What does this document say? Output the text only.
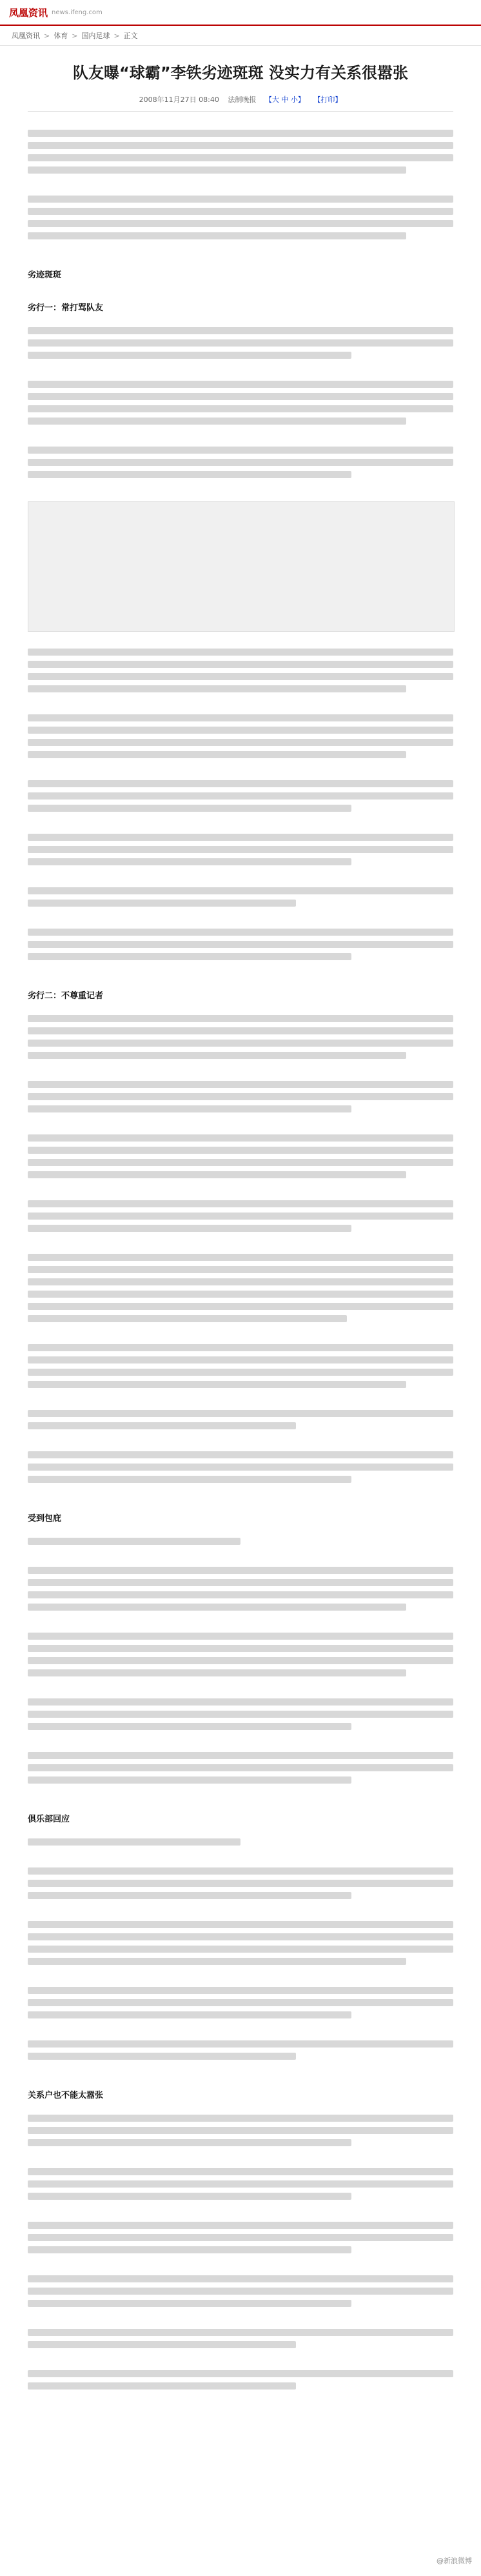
凤凰资讯 news.ifeng.com
凤凰资讯 > 体育 > 国内足球 > 正文
队友曝“球霸”李铁劣迹斑斑 没实力有关系很嚣张
2008年11月27日 08:40 法制晚报 【大 中 小】 【打印】
劣迹斑斑
劣行一：常打骂队友
劣行二：不尊重记者
受到包庇
俱乐部回应
关系户也不能太嚣张
@新浪微博
